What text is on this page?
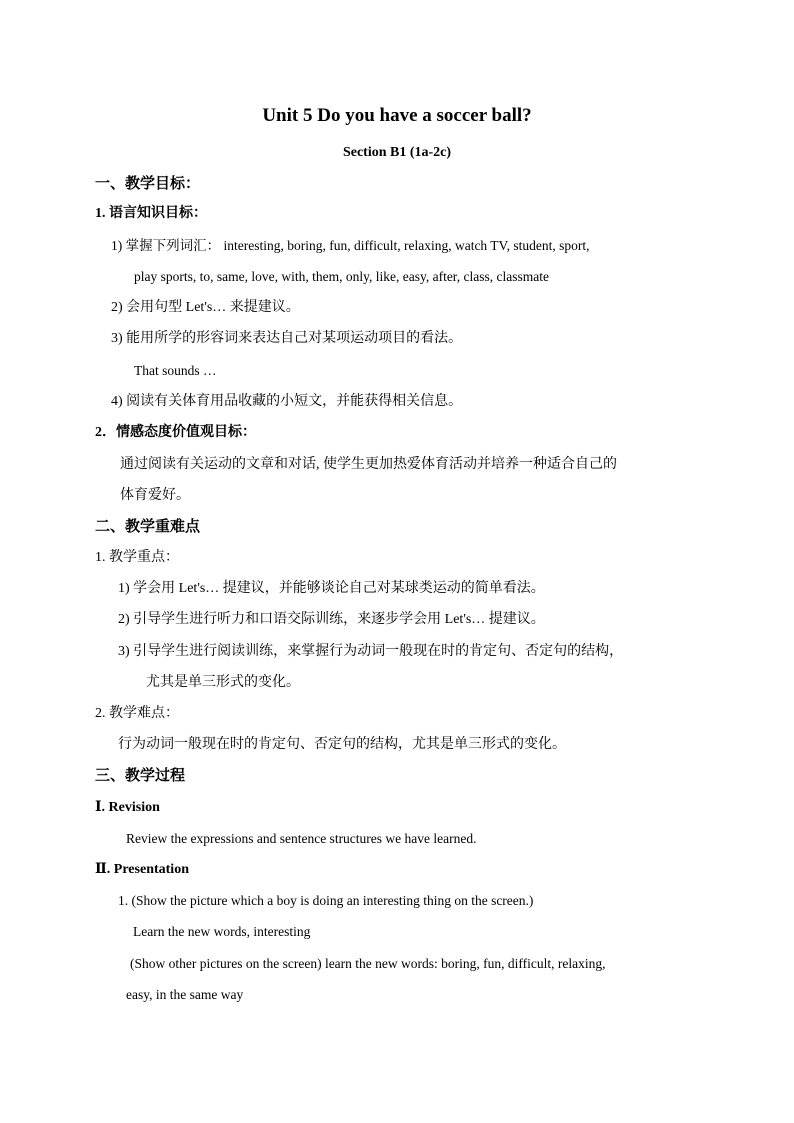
Unit 5 Do you have a soccer ball?
Section B1 (1a-2c)
一、教学目标：
1. 语言知识目标：
1) 掌握下列词汇： interesting, boring, fun, difficult, relaxing, watch TV, student, sport,
play sports, to, same, love, with, them, only, like, easy, after, class, classmate
2) 会用句型 Let's… 来提建议。
3) 能用所学的形容词来表达自己对某项运动项目的看法。
That sounds …
4) 阅读有关体育用品收藏的小短文，并能获得相关信息。
2．情感态度价值观目标：
通过阅读有关运动的文章和对话, 使学生更加热爱体育活动并培养一种适合自己的
体育爱好。
二、教学重难点
1. 教学重点：
1) 学会用 Let's… 提建议，并能够谈论自己对某球类运动的简单看法。
2) 引导学生进行听力和口语交际训练，来逐步学会用 Let's… 提建议。
3) 引导学生进行阅读训练，来掌握行为动词一般现在时的肯定句、否定句的结构，
尤其是单三形式的变化。
2. 教学难点：
行为动词一般现在时的肯定句、否定句的结构，尤其是单三形式的变化。
三、教学过程
Ⅰ. Revision
Review the expressions and sentence structures we have learned.
Ⅱ. Presentation
1. (Show the picture which a boy is doing an interesting thing on the screen.)
Learn the new words, interesting
(Show other pictures on the screen) learn the new words: boring, fun, difficult, relaxing,
easy, in the same way
